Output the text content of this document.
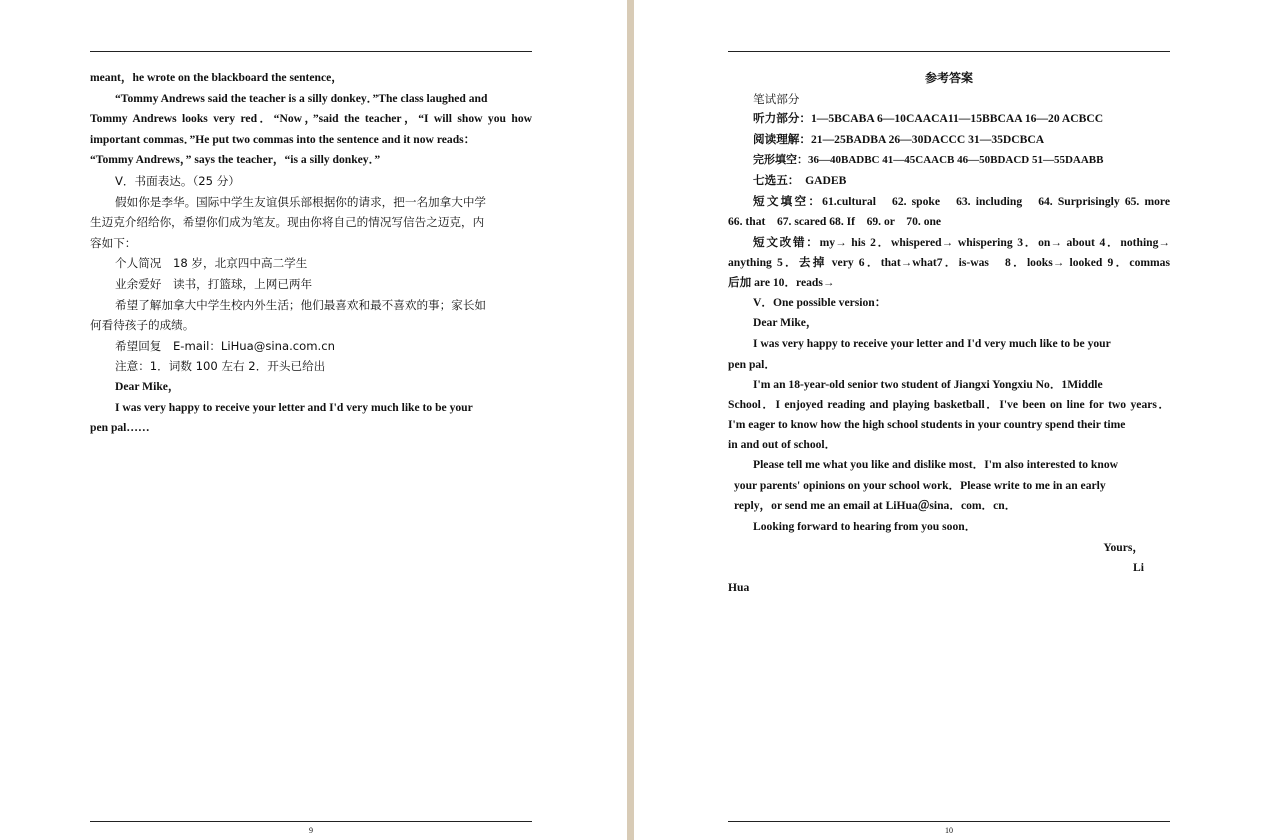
meant，he wrote on the blackboard the sentence，
“Tommy Andrews said the teacher is a silly donkey．”The class laughed and
Tommy Andrews looks very red．“Now，”said the teacher，“I will show you how
important commas．”He put two commas into the sentence and it now reads：
“Tommy Andrews，” says the teacher，“is a silly donkey．”
V．书面表达。（25 分）
假如你是李华。国际中学生友谊俱乐部根据你的请求，把一名加拿大中学
生迈克介绍给你，希望你们成为笔友。现由你将自己的情况写信告之迈克，内
容如下：
个人简况　18 岁，北京四中高二学生
业余爱好　读书，打篮球，上网已两年
希望了解加拿大中学生校内外生活；他们最喜欢和最不喜欢的事；家长如
何看待孩子的成绩。
希望回复　E-mail：LiHua@sina.com.cn
注意：1．词数 100 左右 2．开头已给出
Dear Mike，
I was very happy to receive your letter and I'd very much like to be your
pen pal……
9
参考答案
笔试部分
听力部分：1—5BCABA 6—10CAACA11—15BBCAA 16—20 ACBCC
阅读理解：21—25BADBA 26—30DACCC 31—35DCBCA
完形填空：36—40BADBC 41—45CAACB 46—50BDACD 51—55DAABB
七选五：　GADEB
短文填空：61.cultural　62. spoke　63. including　64. Surprisingly 65. more
66. that　67. scared 68. If　69. or　70. one
短文改错：my→ his 2．whispered→ whispering 3．on→ about 4．nothing→
anything 5．去掉 very 6．that→what7．is-was　8．looks→ looked 9．commas
后加 are 10．reads→
V．One possible version：
Dear Mike，
I was very happy to receive your letter and I'd very much like to be your
pen pal．
I'm an 18-year-old senior two student of Jiangxi Yongxiu No．1Middle
School．I enjoyed reading and playing basketball．I've been on line for two years．
I'm eager to know how the high school students in your country spend their time
in and out of school．
Please tell me what you like and dislike most．I'm also interested to know
your parents' opinions on your school work．Please write to me in an early
reply，or send me an email at LiHua＠sina．com．cn．
Looking forward to hearing from you soon．
Yours，
Li
Hua
10
